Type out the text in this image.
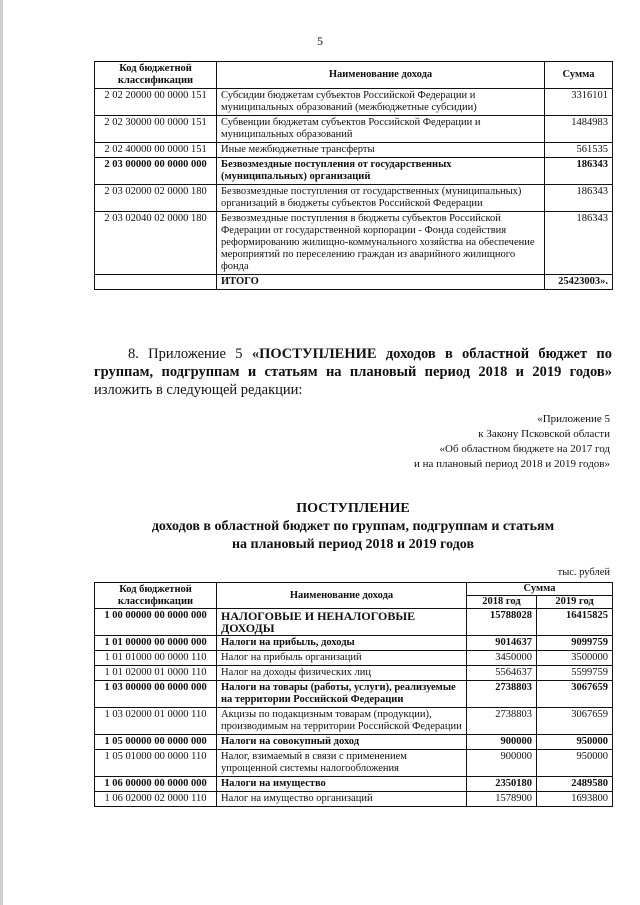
5
Код бюджетной классификации	Наименование дохода	Сумма
2 02 20000 00 0000 151	Субсидии бюджетам субъектов Российской Федерации и муниципальных образований (межбюджетные субсидии)	3316101
2 02 30000 00 0000 151	Субвенции бюджетам субъектов Российской Федерации и муниципальных образований	1484983
2 02 40000 00 0000 151	Иные межбюджетные трансферты	561535
2 03 00000 00 0000 000	Безвозмездные поступления от государственных (муниципальных) организаций	186343
2 03 02000 02 0000 180	Безвозмездные поступления от государственных (муниципальных) организаций в бюджеты субъектов Российской Федерации	186343
2 03 02040 02 0000 180	Безвозмездные поступления в бюджеты субъектов Российской Федерации от государственной корпорации - Фонда содействия реформированию жилищно-коммунального хозяйства на обеспечение мероприятий по переселению граждан из аварийного жилищного фонда	186343
	ИТОГО	25423003».
8. Приложение 5 «ПОСТУПЛЕНИЕ доходов в областной бюджет по группам, подгруппам и статьям на плановый период 2018 и 2019 годов» изложить в следующей редакции:
«Приложение 5
к Закону Псковской области
«Об областном бюджете на 2017 год
и на плановый период 2018 и 2019 годов»
ПОСТУПЛЕНИЕ
доходов в областной бюджет по группам, подгруппам и статьям
на плановый период 2018 и 2019 годов
тыс. рублей
Код бюджетной классификации	Наименование дохода	Сумма	
		2018 год	2019 год
1 00 00000 00 0000 000	НАЛОГОВЫЕ И НЕНАЛОГОВЫЕ ДОХОДЫ	15788028	16415825
1 01 00000 00 0000 000	Налоги на прибыль, доходы	9014637	9099759
1 01 01000 00 0000 110	Налог на прибыль организаций	3450000	3500000
1 01 02000 01 0000 110	Налог на доходы физических лиц	5564637	5599759
1 03 00000 00 0000 000	Налоги на товары (работы, услуги), реализуемые на территории Российской Федерации	2738803	3067659
1 03 02000 01 0000 110	Акцизы по подакцизным товарам (продукции), производимым на территории Российской Федерации	2738803	3067659
1 05 00000 00 0000 000	Налоги на совокупный доход	900000	950000
1 05 01000 00 0000 110	Налог, взимаемый в связи с применением упрощенной системы налогообложения	900000	950000
1 06 00000 00 0000 000	Налоги на имущество	2350180	2489580
1 06 02000 02 0000 110	Налог на имущество организаций	1578900	1693800
